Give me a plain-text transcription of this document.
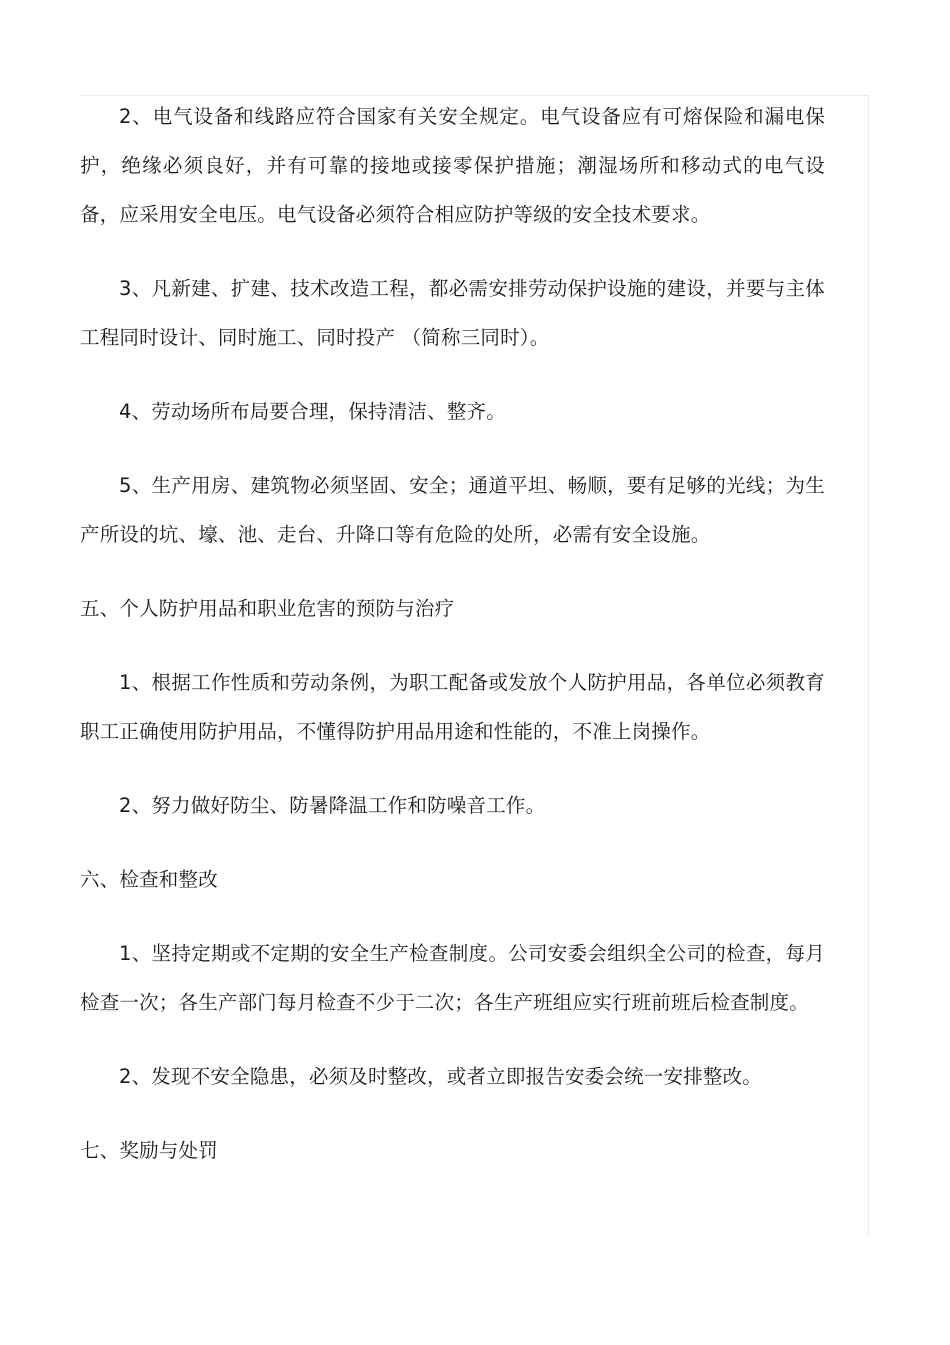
2、电气设备和线路应符合国家有关安全规定。电气设备应有可熔保险和漏电保护，绝缘必须良好，并有可靠的接地或接零保护措施；潮湿场所和移动式的电气设备，应采用安全电压。电气设备必须符合相应防护等级的安全技术要求。

3、凡新建、扩建、技术改造工程，都必需安排劳动保护设施的建设，并要与主体工程同时设计、同时施工、同时投产 （简称三同时）。

4、劳动场所布局要合理，保持清洁、整齐。

5、生产用房、建筑物必须坚固、安全；通道平坦、畅顺，要有足够的光线；为生产所设的坑、壕、池、走台、升降口等有危险的处所，必需有安全设施。

五、个人防护用品和职业危害的预防与治疗

1、根据工作性质和劳动条例，为职工配备或发放个人防护用品，各单位必须教育职工正确使用防护用品，不懂得防护用品用途和性能的，不准上岗操作。

2、努力做好防尘、防暑降温工作和防噪音工作。

六、检查和整改

1、坚持定期或不定期的安全生产检查制度。公司安委会组织全公司的检查，每月检查一次；各生产部门每月检查不少于二次；各生产班组应实行班前班后检查制度。

2、发现不安全隐患，必须及时整改，或者立即报告安委会统一安排整改。

七、奖励与处罚
